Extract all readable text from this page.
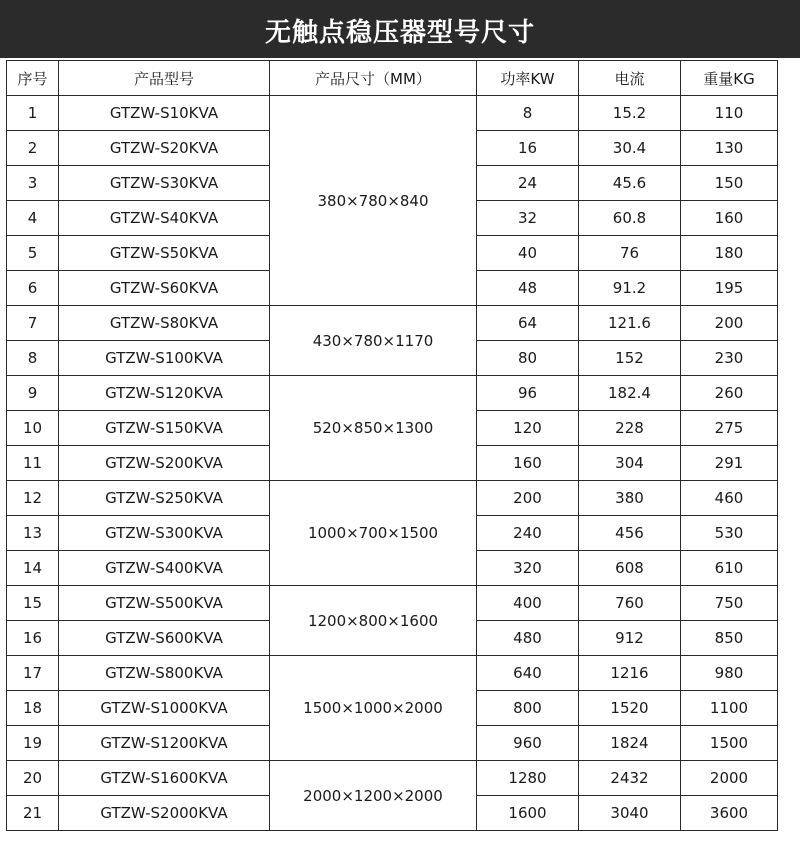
无触点稳压器型号尺寸
序号	产品型号	产品尺寸（MM）	功率KW	电流	重量KG
1	GTZW-S10KVA	380×780×840	8	15.2	110
2	GTZW-S20KVA		16	30.4	130
3	GTZW-S30KVA		24	45.6	150
4	GTZW-S40KVA		32	60.8	160
5	GTZW-S50KVA		40	76	180
6	GTZW-S60KVA		48	91.2	195
7	GTZW-S80KVA	430×780×1170	64	121.6	200
8	GTZW-S100KVA		80	152	230
9	GTZW-S120KVA	520×850×1300	96	182.4	260
10	GTZW-S150KVA		120	228	275
11	GTZW-S200KVA		160	304	291
12	GTZW-S250KVA	1000×700×1500	200	380	460
13	GTZW-S300KVA		240	456	530
14	GTZW-S400KVA		320	608	610
15	GTZW-S500KVA	1200×800×1600	400	760	750
16	GTZW-S600KVA		480	912	850
17	GTZW-S800KVA	1500×1000×2000	640	1216	980
18	GTZW-S1000KVA		800	1520	1100
19	GTZW-S1200KVA		960	1824	1500
20	GTZW-S1600KVA	2000×1200×2000	1280	2432	2000
21	GTZW-S2000KVA		1600	3040	3600
